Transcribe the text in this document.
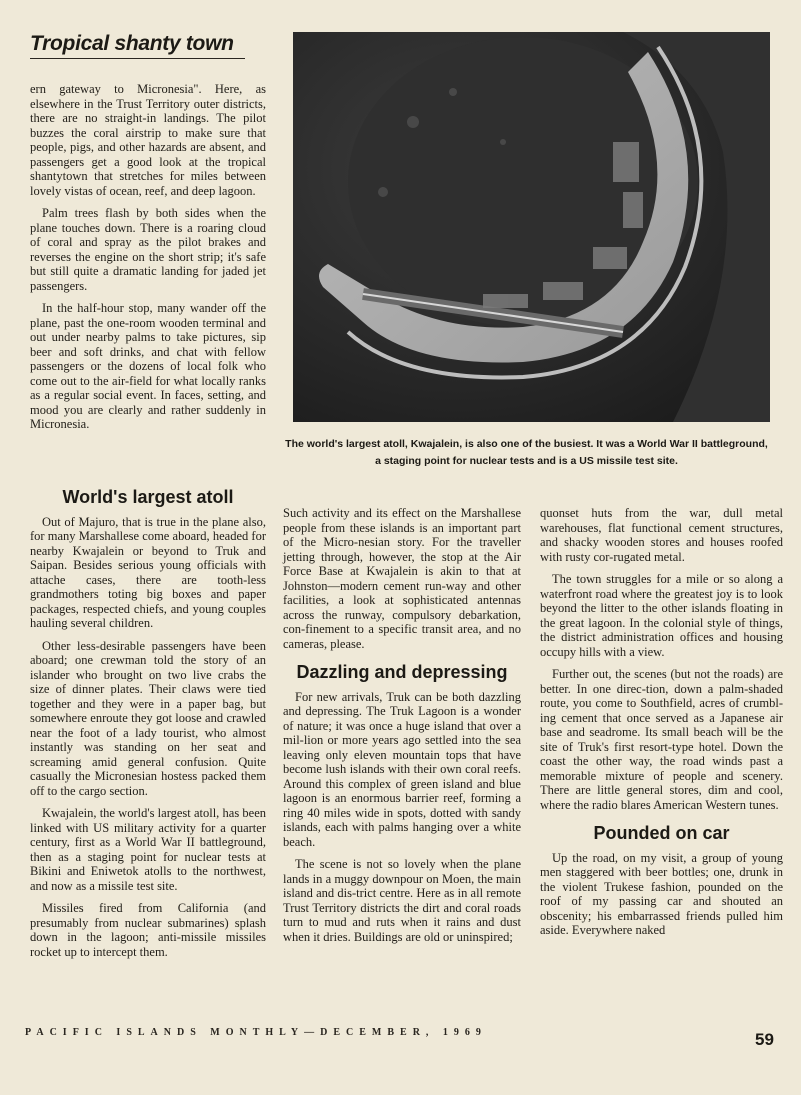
Tropical shanty town

ern gateway to Micronesia". Here, as elsewhere in the Trust Territory outer districts, there are no straight-in landings. The pilot buzzes the coral airstrip to make sure that people, pigs, and other hazards are absent, and passengers get a good look at the tropical shantytown that stretches for miles between lovely vistas of ocean, reef, and deep lagoon.

Palm trees flash by both sides when the plane touches down. There is a roaring cloud of coral and spray as the pilot brakes and reverses the engine on the short strip; it's safe but still quite a dramatic landing for jaded jet passengers.

In the half-hour stop, many wander off the plane, past the one-room wooden terminal and out under nearby palms to take pictures, sip beer and soft drinks, and chat with fellow passengers or the dozens of local folk who come out to the air-field for what locally ranks as a regular social event. In faces, setting, and mood you are clearly and rather suddenly in Micronesia.

The world's largest atoll, Kwajalein, is also one of the busiest. It was a World War II battleground, a staging point for nuclear tests and is a US missile test site.
World's largest atoll

Out of Majuro, that is true in the plane also, for many Marshallese come aboard, headed for nearby Kwajalein or beyond to Truk and Saipan. Besides serious young officials with attache cases, there are tooth-less grandmothers toting big boxes and paper packages, respected chiefs, and young couples hauling several children.

Other less-desirable passengers have been aboard; one crewman told the story of an islander who brought on two live crabs the size of dinner plates. Their claws were tied together and they were in a paper bag, but somewhere enroute they got loose and crawled near the foot of a lady tourist, who almost instantly was standing on her seat and screaming amid general confusion. Quite casually the Micronesian hostess packed them off to the cargo section.

Kwajalein, the world's largest atoll, has been linked with US military activity for a quarter century, first as a World War II battleground, then as a staging point for nuclear tests at Bikini and Eniwetok atolls to the northwest, and now as a missile test site.

Missiles fired from California (and presumably from nuclear submarines) splash down in the lagoon; anti-missile missiles rocket up to intercept them.

Such activity and its effect on the Marshallese people from these islands is an important part of the Micro-nesian story. For the traveller jetting through, however, the stop at the Air Force Base at Kwajalein is akin to that at Johnston—modern cement run-way and other facilities, a look at sophisticated antennas across the runway, compulsory debarkation, con-finement to a specific transit area, and no cameras, please.

Dazzling and depressing

For new arrivals, Truk can be both dazzling and depressing. The Truk Lagoon is a wonder of nature; it was once a huge island that over a mil-lion or more years ago settled into the sea leaving only eleven mountain tops that have become lush islands with their own coral reefs. Around this complex of green island and blue lagoon is an enormous barrier reef, forming a ring 40 miles wide in spots, dotted with sandy islands, each with palms hanging over a white beach.

The scene is not so lovely when the plane lands in a muggy downpour on Moen, the main island and dis-trict centre. Here as in all remote Trust Territory districts the dirt and coral roads turn to mud and ruts when it rains and dust when it dries. Buildings are old or uninspired;

quonset huts from the war, dull metal warehouses, flat functional cement structures, and shacky wooden stores and houses roofed with rusty cor-rugated metal.

The town struggles for a mile or so along a waterfront road where the greatest joy is to look beyond the litter to the other islands floating in the great lagoon. In the colonial style of things, the district administration offices and housing occupy hills with a view.

Further out, the scenes (but not the roads) are better. In one direc-tion, down a palm-shaded route, you come to Southfield, acres of crumbl-ing cement that once served as a Japanese air base and seadrome. Its small beach will be the site of Truk's first resort-type hotel. Down the coast the other way, the road winds past a memorable mixture of people and scenery. There are little general stores, dim and cool, where the radio blares American Western tunes.

Pounded on car

Up the road, on my visit, a group of young men staggered with beer bottles; one, drunk in the violent Trukese fashion, pounded on the roof of my passing car and shouted an obscenity; his embarrassed friends pulled him aside. Everywhere naked

PACIFIC ISLANDS MONTHLY—DECEMBER, 1969	59
